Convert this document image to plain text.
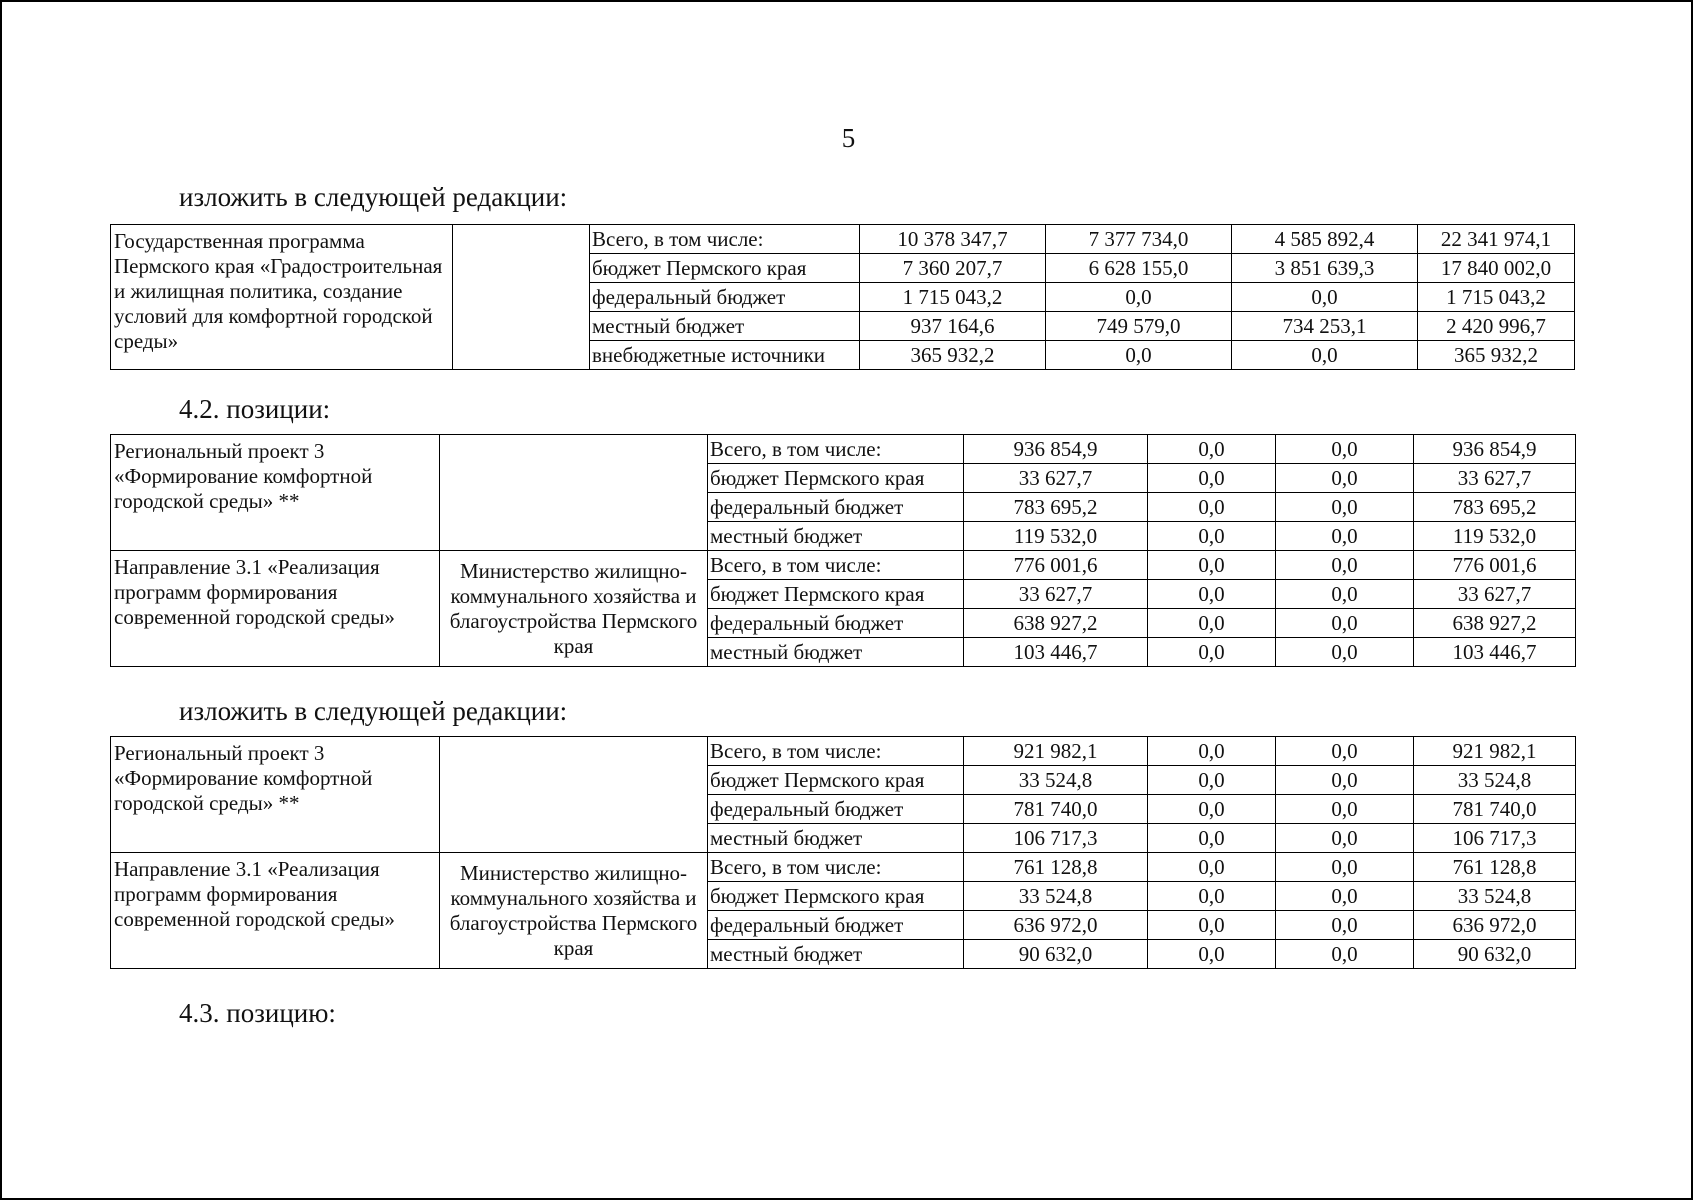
5
изложить в следующей редакции:
Государственная программа Пермского края «Градостроительная и жилищная политика, создание условий для комфортной городской среды»		Всего, в том числе:	10 378 347,7	7 377 734,0	4 585 892,4	22 341 974,1
		бюджет Пермского края	7 360 207,7	6 628 155,0	3 851 639,3	17 840 002,0
		федеральный бюджет	1 715 043,2	0,0	0,0	1 715 043,2
		местный бюджет	937 164,6	749 579,0	734 253,1	2 420 996,7
		внебюджетные источники	365 932,2	0,0	0,0	365 932,2
4.2. позиции:
Региональный проект 3 «Формирование комфортной городской среды» **		Всего, в том числе:	936 854,9	0,0	0,0	936 854,9
		бюджет Пермского края	33 627,7	0,0	0,0	33 627,7
		федеральный бюджет	783 695,2	0,0	0,0	783 695,2
		местный бюджет	119 532,0	0,0	0,0	119 532,0
Направление 3.1 «Реализация программ формирования современной городской среды»	Министерство жилищно-коммунального хозяйства и благоустройства Пермского края	Всего, в том числе:	776 001,6	0,0	0,0	776 001,6
		бюджет Пермского края	33 627,7	0,0	0,0	33 627,7
		федеральный бюджет	638 927,2	0,0	0,0	638 927,2
		местный бюджет	103 446,7	0,0	0,0	103 446,7
изложить в следующей редакции:
Региональный проект 3 «Формирование комфортной городской среды» **		Всего, в том числе:	921 982,1	0,0	0,0	921 982,1
		бюджет Пермского края	33 524,8	0,0	0,0	33 524,8
		федеральный бюджет	781 740,0	0,0	0,0	781 740,0
		местный бюджет	106 717,3	0,0	0,0	106 717,3
Направление 3.1 «Реализация программ формирования современной городской среды»	Министерство жилищно-коммунального хозяйства и благоустройства Пермского края	Всего, в том числе:	761 128,8	0,0	0,0	761 128,8
		бюджет Пермского края	33 524,8	0,0	0,0	33 524,8
		федеральный бюджет	636 972,0	0,0	0,0	636 972,0
		местный бюджет	90 632,0	0,0	0,0	90 632,0
4.3. позицию:
